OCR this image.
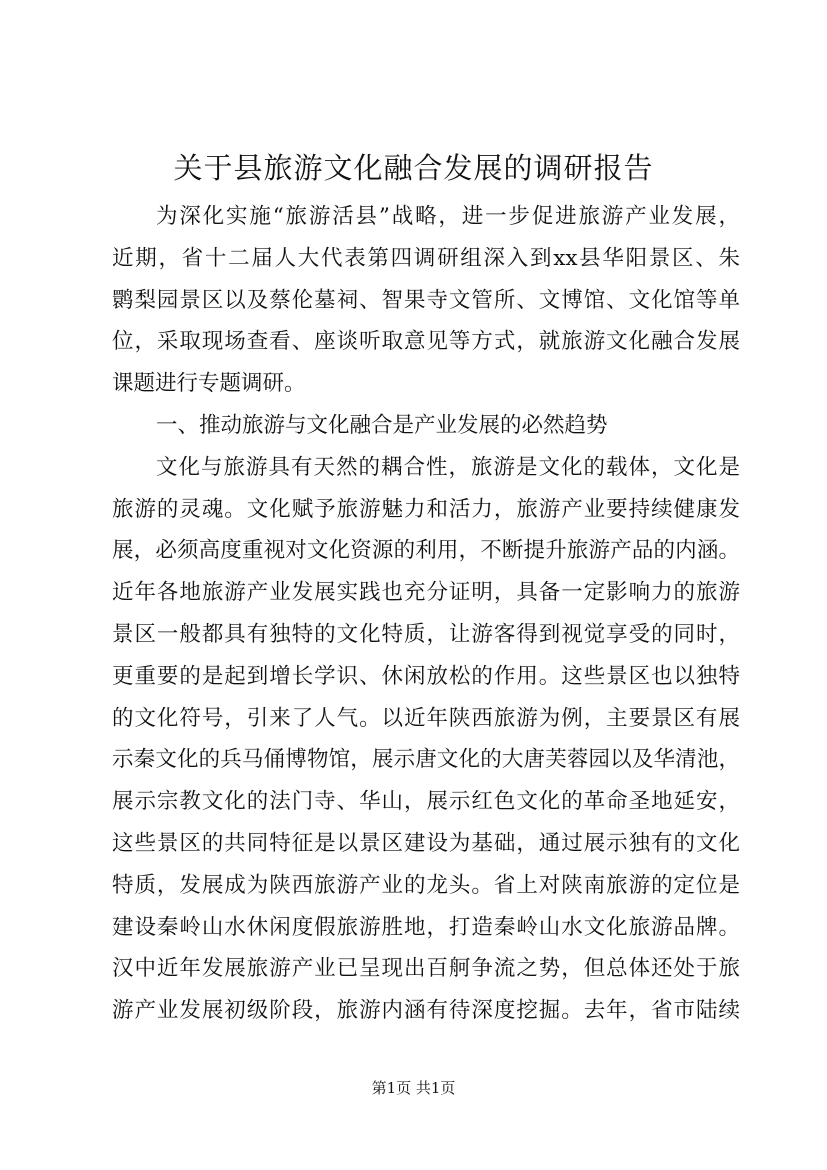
关于县旅游文化融合发展的调研报告

为深化实施“旅游活县”战略，进一步促进旅游产业发展，

近期，省十二届人大代表第四调研组深入到xx县华阳景区、朱

鹮梨园景区以及蔡伦墓祠、智果寺文管所、文博馆、文化馆等单

位，采取现场查看、座谈听取意见等方式，就旅游文化融合发展

课题进行专题调研。

一、推动旅游与文化融合是产业发展的必然趋势

文化与旅游具有天然的耦合性，旅游是文化的载体，文化是

旅游的灵魂。文化赋予旅游魅力和活力，旅游产业要持续健康发

展，必须高度重视对文化资源的利用，不断提升旅游产品的内涵。

近年各地旅游产业发展实践也充分证明，具备一定影响力的旅游

景区一般都具有独特的文化特质，让游客得到视觉享受的同时，

更重要的是起到增长学识、休闲放松的作用。这些景区也以独特

的文化符号，引来了人气。以近年陕西旅游为例，主要景区有展

示秦文化的兵马俑博物馆，展示唐文化的大唐芙蓉园以及华清池，

展示宗教文化的法门寺、华山，展示红色文化的革命圣地延安，

这些景区的共同特征是以景区建设为基础，通过展示独有的文化

特质，发展成为陕西旅游产业的龙头。省上对陕南旅游的定位是

建设秦岭山水休闲度假旅游胜地，打造秦岭山水文化旅游品牌。

汉中近年发展旅游产业已呈现出百舸争流之势，但总体还处于旅

游产业发展初级阶段，旅游内涵有待深度挖掘。去年，省市陆续

第1页 共1页
